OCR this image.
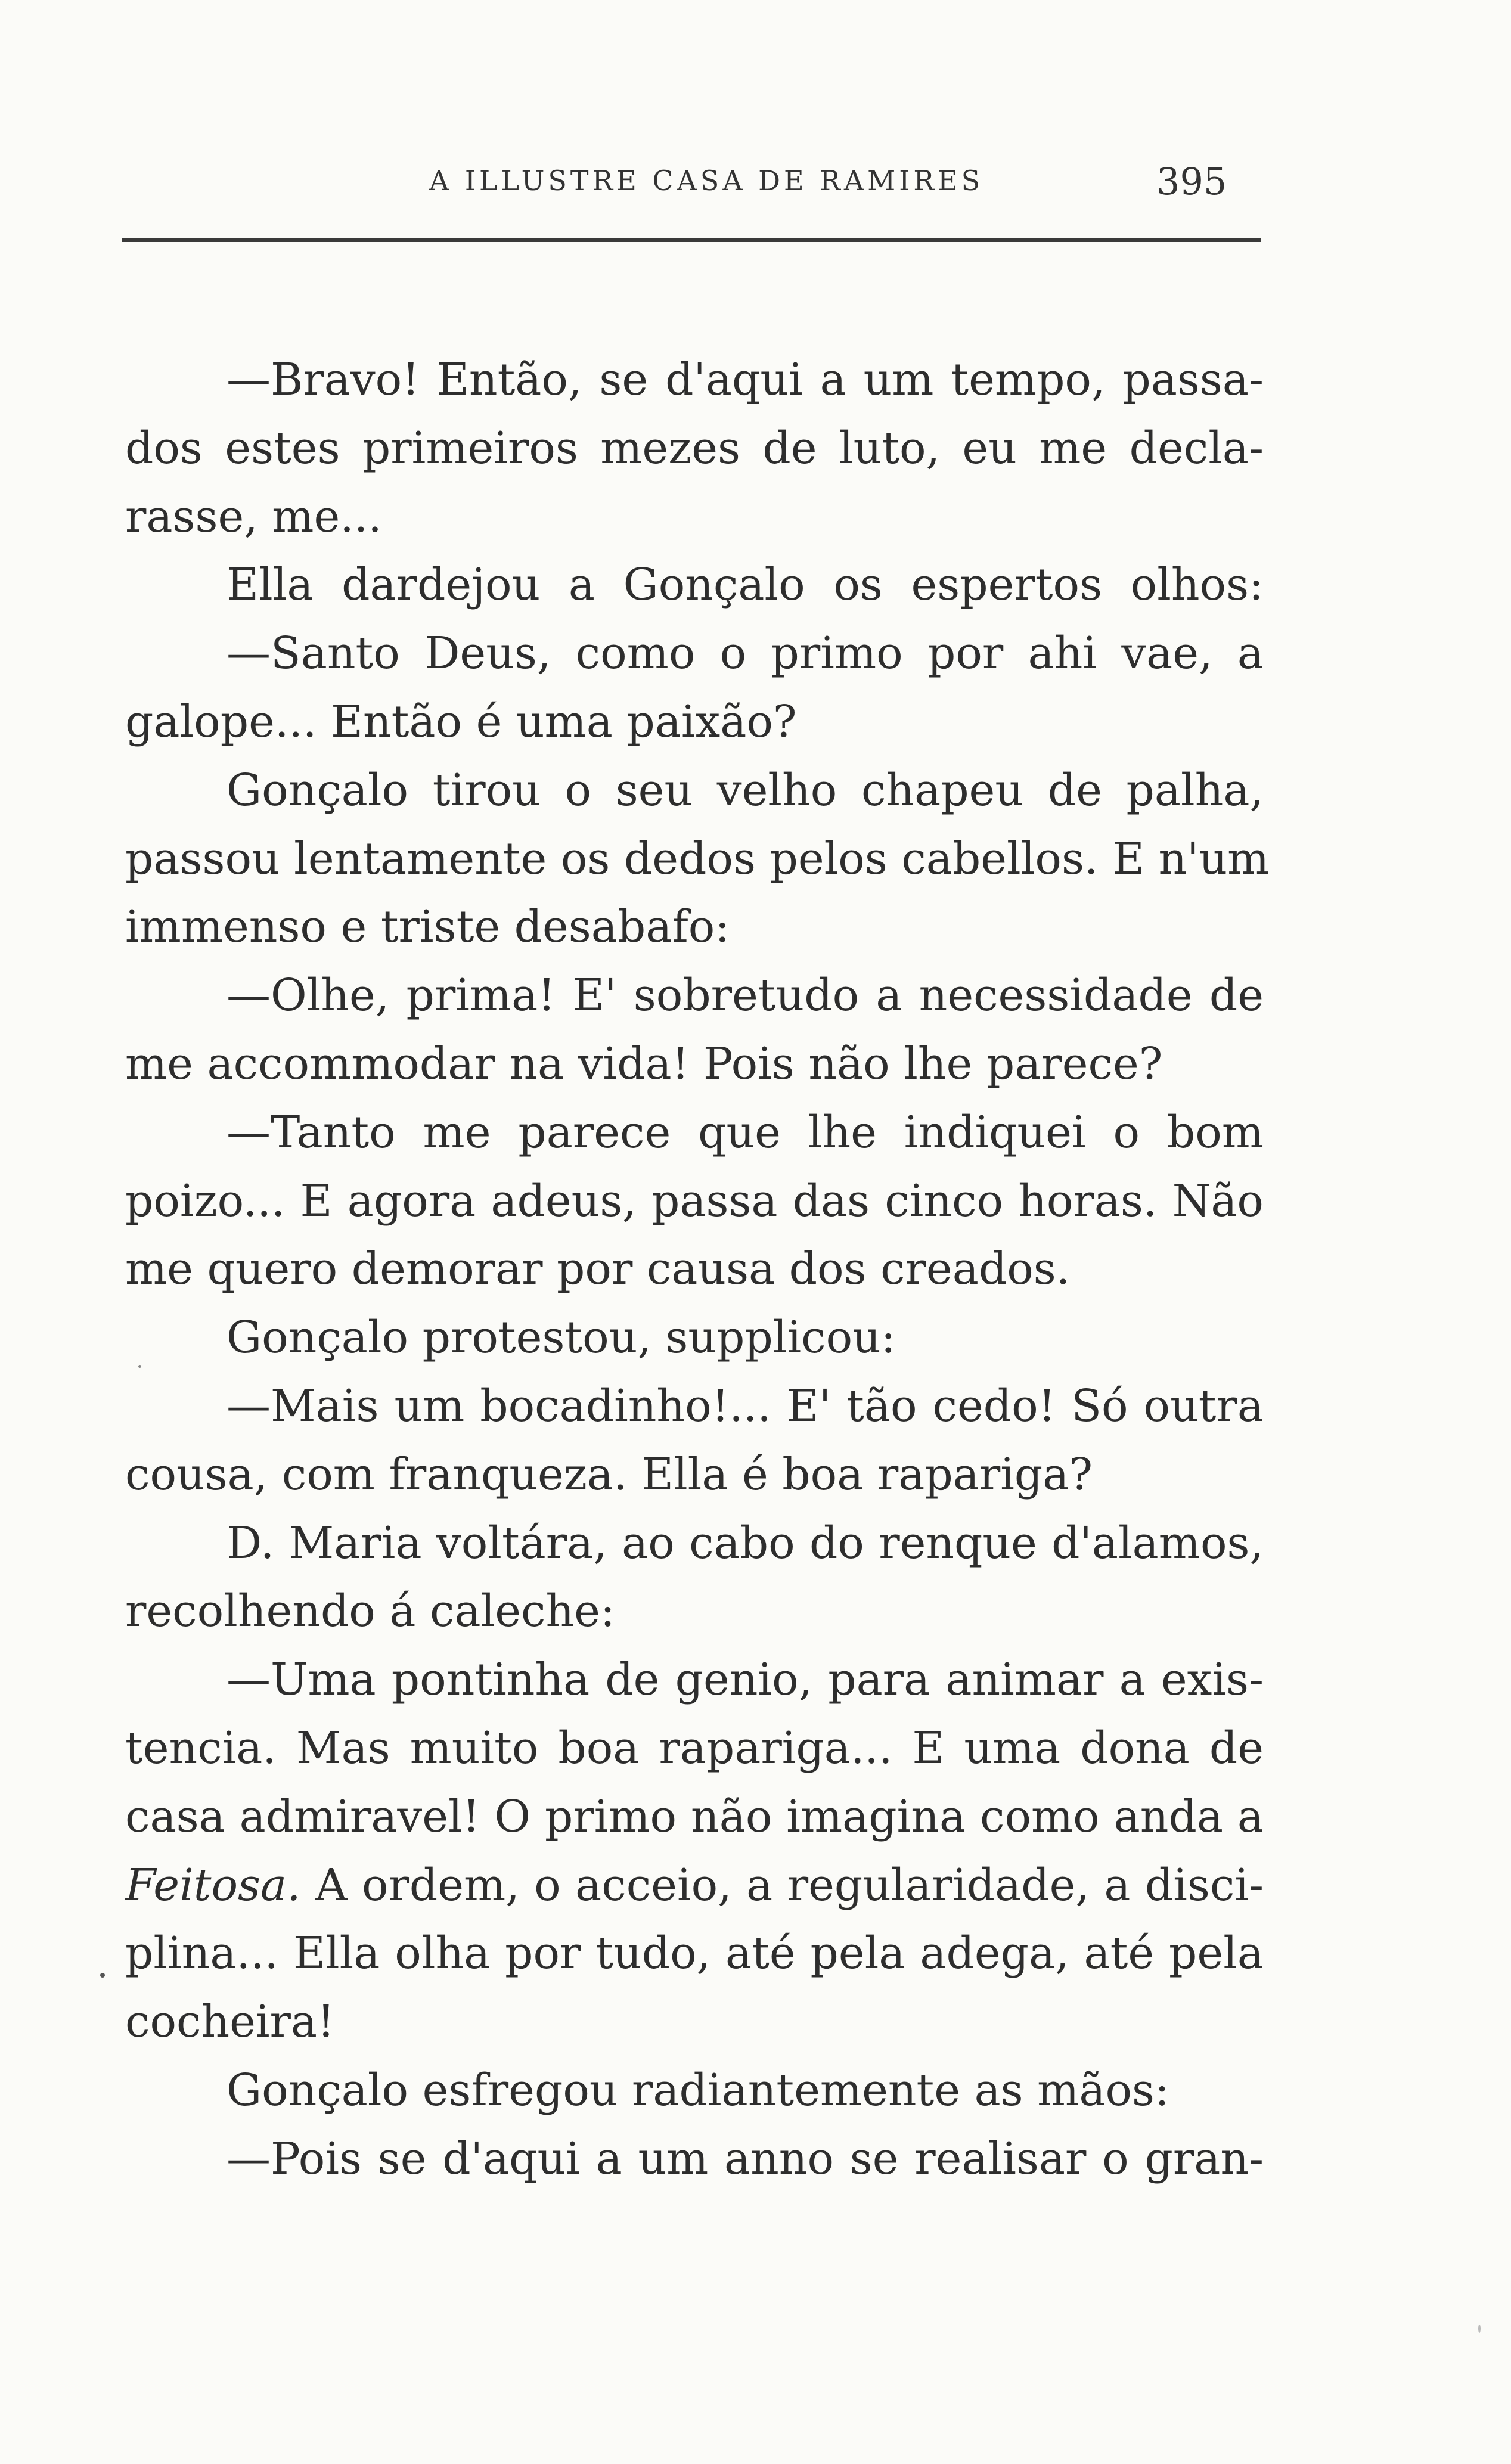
A ILLUSTRE CASA DE RAMIRES	395
—Bravo! Então, se d'aqui a um tempo, passa-
dos estes primeiros mezes de luto, eu me decla-
rasse, me...
Ella dardejou a Gonçalo os espertos olhos:
—Santo Deus, como o primo por ahi vae, a
galope... Então é uma paixão?
Gonçalo tirou o seu velho chapeu de palha,
passou lentamente os dedos pelos cabellos. E n'um
immenso e triste desabafo:
—Olhe, prima! E' sobretudo a necessidade de
me accommodar na vida! Pois não lhe parece?
—Tanto me parece que lhe indiquei o bom
poizo... E agora adeus, passa das cinco horas. Não
me quero demorar por causa dos creados.
Gonçalo protestou, supplicou:
—Mais um bocadinho!... E' tão cedo! Só outra
cousa, com franqueza. Ella é boa rapariga?
D. Maria voltára, ao cabo do renque d'alamos,
recolhendo á caleche:
—Uma pontinha de genio, para animar a exis-
tencia. Mas muito boa rapariga... E uma dona de
casa admiravel! O primo não imagina como anda a
Feitosa. A ordem, o acceio, a regularidade, a disci-
plina... Ella olha por tudo, até pela adega, até pela
cocheira!
Gonçalo esfregou radiantemente as mãos:
—Pois se d'aqui a um anno se realisar o gran-
